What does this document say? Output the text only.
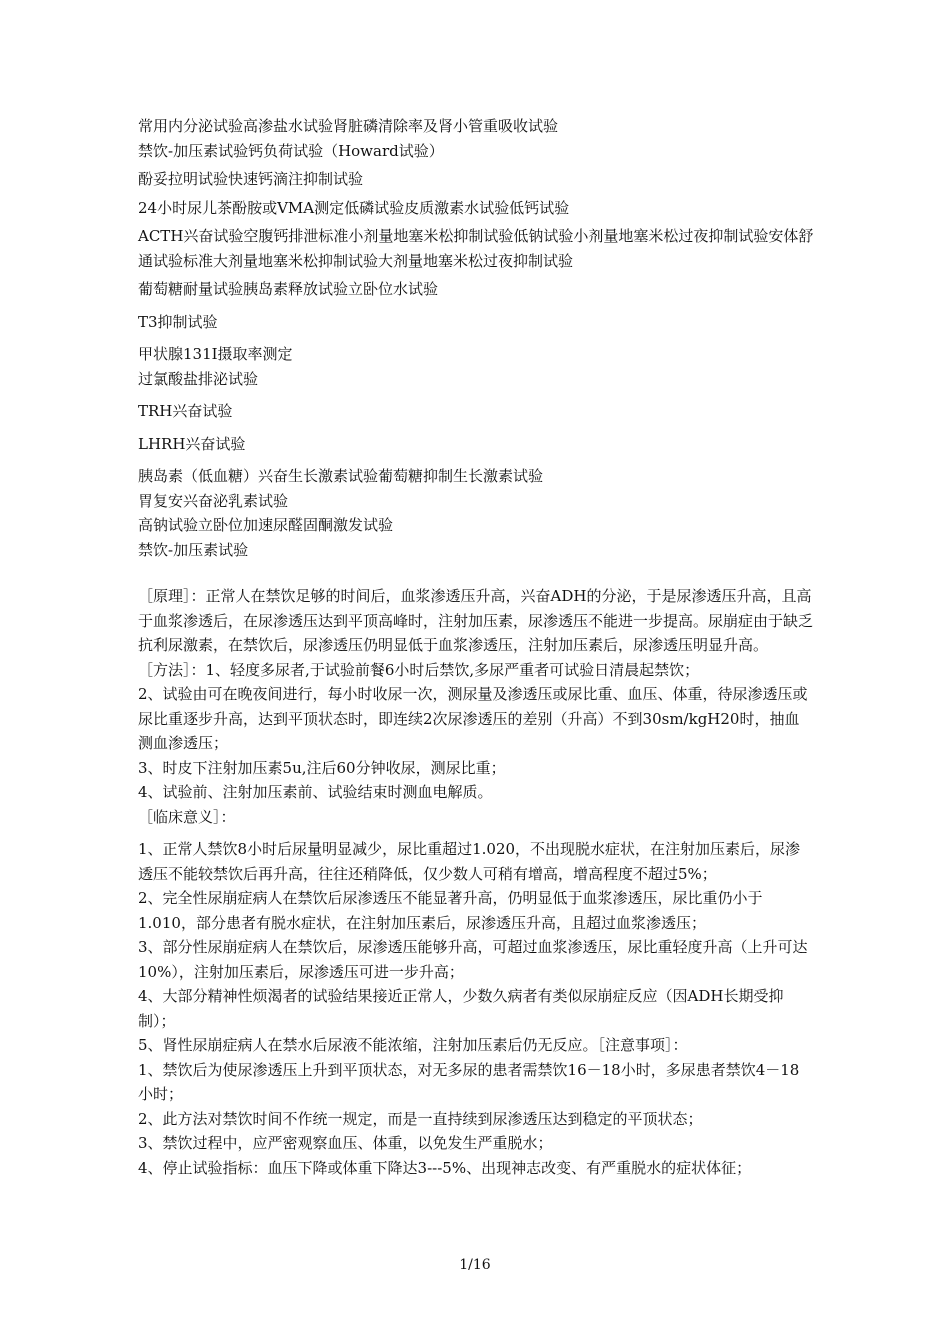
常用内分泌试验高渗盐水试验肾脏磷清除率及肾小管重吸收试验
禁饮-加压素试验钙负荷试验（Howard试验）
酚妥拉明试验快速钙滴注抑制试验
24小时尿儿茶酚胺或VMA测定低磷试验皮质激素水试验低钙试验
ACTH兴奋试验空腹钙排泄标准小剂量地塞米松抑制试验低钠试验小剂量地塞米松过夜抑制试验安体舒通试验标准大剂量地塞米松抑制试验大剂量地塞米松过夜抑制试验
葡萄糖耐量试验胰岛素释放试验立卧位水试验
T3抑制试验
甲状腺131I摄取率测定
过氯酸盐排泌试验
TRH兴奋试验
LHRH兴奋试验
胰岛素（低血糖）兴奋生长激素试验葡萄糖抑制生长激素试验
胃复安兴奋泌乳素试验
高钠试验立卧位加速尿醛固酮激发试验
禁饮-加压素试验
［原理］：正常人在禁饮足够的时间后，血浆渗透压升高，兴奋ADH的分泌，于是尿渗透压升高，且高于血浆渗透后，在尿渗透压达到平顶高峰时，注射加压素，尿渗透压不能进一步提高。尿崩症由于缺乏抗利尿激素，在禁饮后，尿渗透压仍明显低于血浆渗透压，注射加压素后，尿渗透压明显升高。
［方法］：1、轻度多尿者,于试验前餐6小时后禁饮,多尿严重者可试验日清晨起禁饮；
2、试验由可在晚夜间进行，每小时收尿一次，测尿量及渗透压或尿比重、血压、体重，待尿渗透压或尿比重逐步升高，达到平顶状态时，即连续2次尿渗透压的差别（升高）不到30sm/kgH20时，抽血测血渗透压；
3、时皮下注射加压素5u,注后60分钟收尿，测尿比重；
4、试验前、注射加压素前、试验结束时测血电解质。
［临床意义］：
1、正常人禁饮8小时后尿量明显减少，尿比重超过1.020，不出现脱水症状，在注射加压素后，尿渗透压不能较禁饮后再升高，往往还稍降低，仅少数人可稍有增高，增高程度不超过5%；
2、完全性尿崩症病人在禁饮后尿渗透压不能显著升高，仍明显低于血浆渗透压，尿比重仍小于1.010，部分患者有脱水症状，在注射加压素后，尿渗透压升高，且超过血浆渗透压；
3、部分性尿崩症病人在禁饮后，尿渗透压能够升高，可超过血浆渗透压，尿比重轻度升高（上升可达10%），注射加压素后，尿渗透压可进一步升高；
4、大部分精神性烦渴者的试验结果接近正常人，少数久病者有类似尿崩症反应（因ADH长期受抑制）；
5、肾性尿崩症病人在禁水后尿液不能浓缩，注射加压素后仍无反应。［注意事项］：
1、禁饮后为使尿渗透压上升到平顶状态，对无多尿的患者需禁饮16－18小时，多尿患者禁饮4－18小时；
2、此方法对禁饮时间不作统一规定，而是一直持续到尿渗透压达到稳定的平顶状态；
3、禁饮过程中，应严密观察血压、体重，以免发生严重脱水；
4、停止试验指标：血压下降或体重下降达3---5%、出现神志改变、有严重脱水的症状体征；
1/16
